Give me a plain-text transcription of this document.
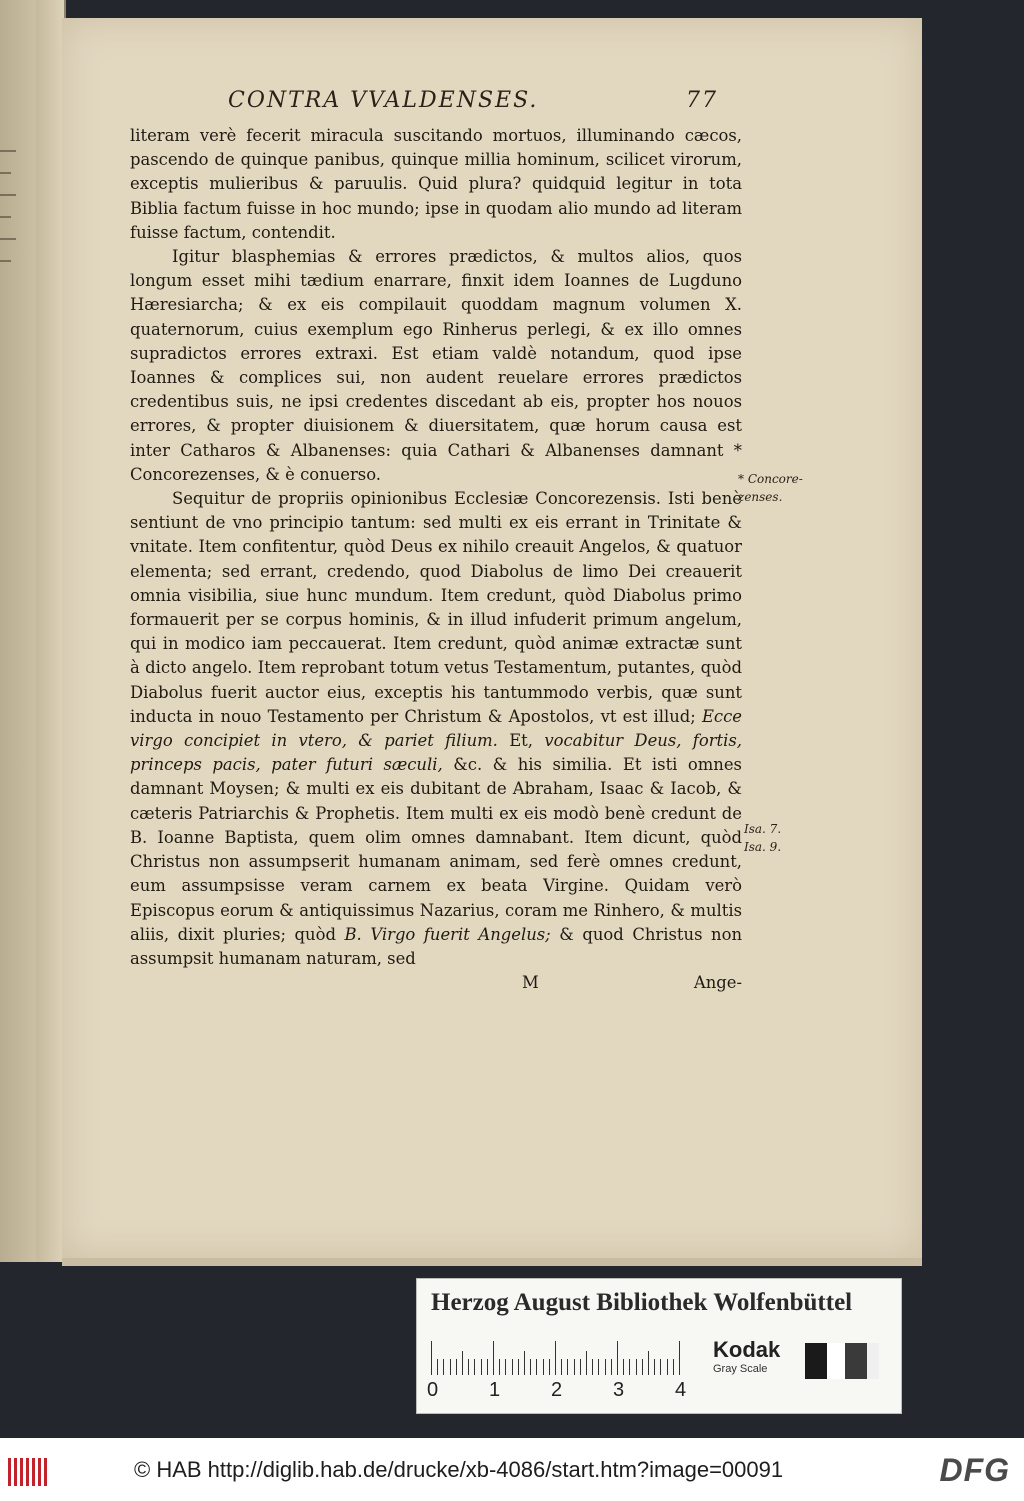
CONTRA VVALDENSES.	77

literam verè fecerit miracula suscitando mortuos, illuminando cæcos, pascendo de quinque panibus, quinque millia hominum, scilicet virorum, exceptis mulieribus & paruulis. Quid plura? quidquid legitur in tota Biblia factum fuisse in hoc mundo; ipse in quodam alio mundo ad literam fuisse factum, contendit.

Igitur blasphemias & errores prædictos, & multos alios, quos longum esset mihi tædium enarrare, finxit idem Ioannes de Lugduno Hæresiarcha; & ex eis compilauit quoddam magnum volumen X. quaternorum, cuius exemplum ego Rinherus perlegi, & ex illo omnes supradictos errores extraxi. Est etiam valdè notandum, quod ipse Ioannes & complices sui, non audent reuelare errores prædictos credentibus suis, ne ipsi credentes discedant ab eis, propter hos nouos errores, & propter diuisionem & diuersitatem, quæ horum causa est inter Catharos & Albanenses: quia Cathari & Albanenses damnant * Concorezenses, & è conuerso.

Sequitur de propriis opinionibus Ecclesiæ Concorezensis. Isti benè sentiunt de vno principio tantum: sed multi ex eis errant in Trinitate & vnitate. Item confitentur, quòd Deus ex nihilo creauit Angelos, & quatuor elementa; sed errant, credendo, quod Diabolus de limo Dei creauerit omnia visibilia, siue hunc mundum. Item credunt, quòd Diabolus primo formauerit per se corpus hominis, & in illud infuderit primum angelum, qui in modico iam peccauerat. Item credunt, quòd animæ extractæ sunt à dicto angelo. Item reprobant totum vetus Testamentum, putantes, quòd Diabolus fuerit auctor eius, exceptis his tantummodo verbis, quæ sunt inducta in nouo Testamento per Christum & Apostolos, vt est illud; Ecce virgo concipiet in vtero, & pariet filium. Et, vocabitur Deus, fortis, princeps pacis, pater futuri sæculi, &c. & his similia. Et isti omnes damnant Moysen; & multi ex eis dubitant de Abraham, Isaac & Iacob, & cæteris Patriarchis & Prophetis. Item multi ex eis modò benè credunt de B. Ioanne Baptista, quem olim omnes damnabant. Item dicunt, quòd Christus non assumpserit humanam animam, sed ferè omnes credunt, eum assumpsisse veram carnem ex beata Virgine. Quidam verò Episcopus eorum & antiquissimus Nazarius, coram me Rinhero, & multis aliis, dixit pluries; quòd B. Virgo fuerit Angelus; & quod Christus non assumpsit humanam naturam, sed

M	Ange-
* Concore-
zenses.
Isa. 7.
Isa. 9.
Herzog August Bibliothek Wolfenbüttel
0	1	2	3	4
Kodak
Gray Scale
© HAB http://diglib.hab.de/drucke/xb-4086/start.htm?image=00091	DFG
